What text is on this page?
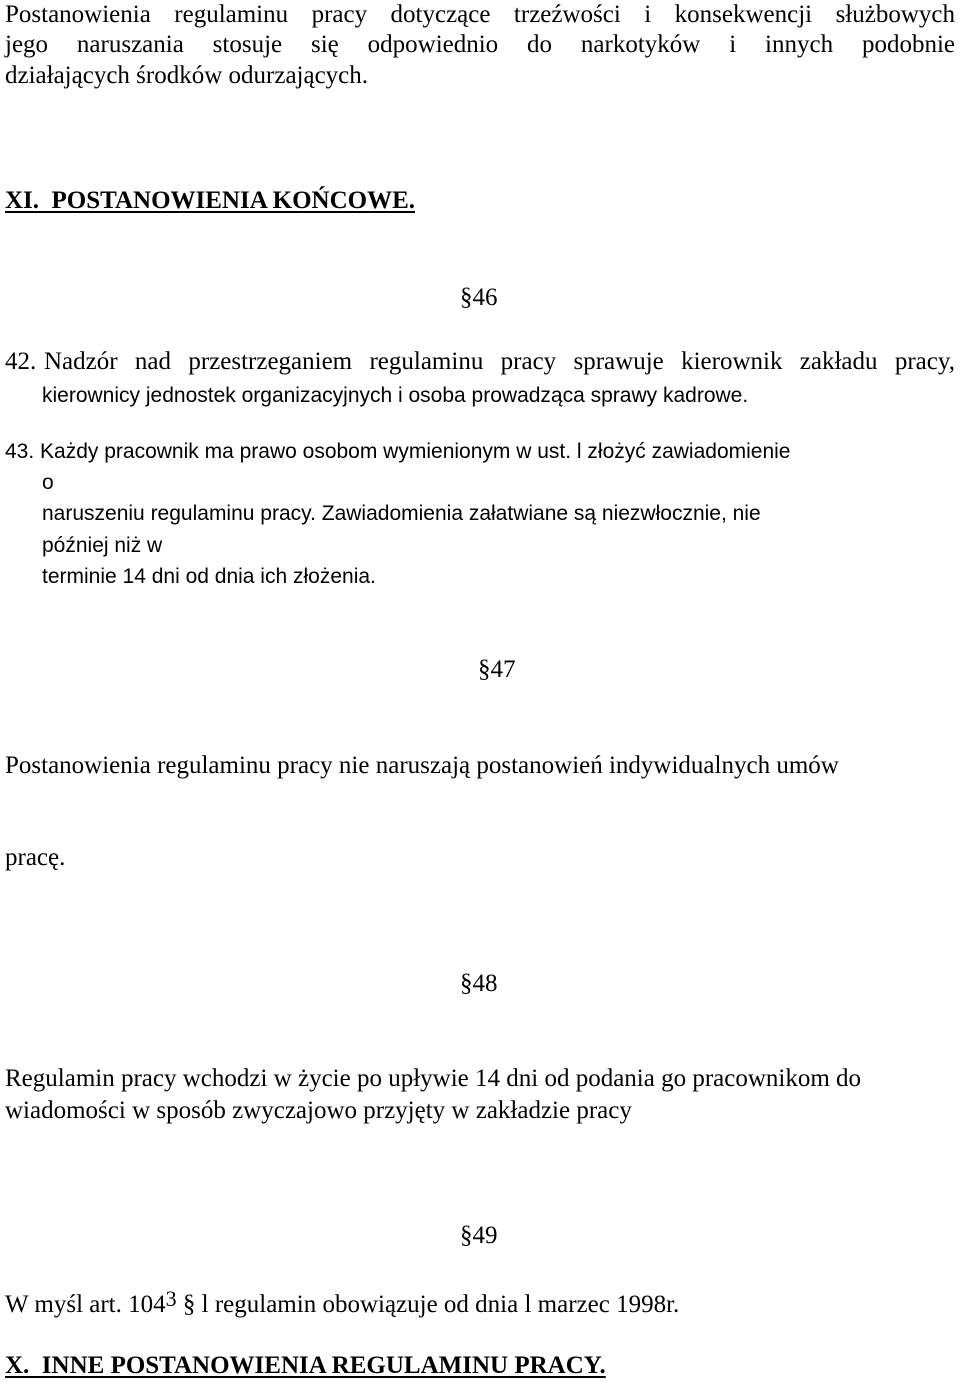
Postanowienia regulaminu pracy dotyczące trzeźwości i konsekwencji służbowych
jego naruszania stosuje się odpowiednio do narkotyków i innych podobnie
działających środków odurzających.
XI.  POSTANOWIENIA KOŃCOWE.
§46
42. Nadzór nad przestrzeganiem regulaminu pracy sprawuje kierownik zakładu pracy,
kierownicy jednostek organizacyjnych i osoba prowadząca sprawy kadrowe.
43. Każdy pracownik ma prawo osobom wymienionym w ust. l złożyć zawiadomienie
o
naruszeniu regulaminu pracy. Zawiadomienia załatwiane są niezwłocznie, nie
później niż w
terminie 14 dni od dnia ich złożenia.
§47
Postanowienia regulaminu pracy nie naruszają postanowień indywidualnych umów
pracę.
§48
Regulamin pracy wchodzi w życie po upływie 14 dni od podania go pracownikom do
wiadomości w sposób zwyczajowo przyjęty w zakładzie pracy
§49
W myśl art. $104^3$ § l regulamin obowiązuje od dnia l marzec 1998r.
X.  INNE POSTANOWIENIA REGULAMINU PRACY.
